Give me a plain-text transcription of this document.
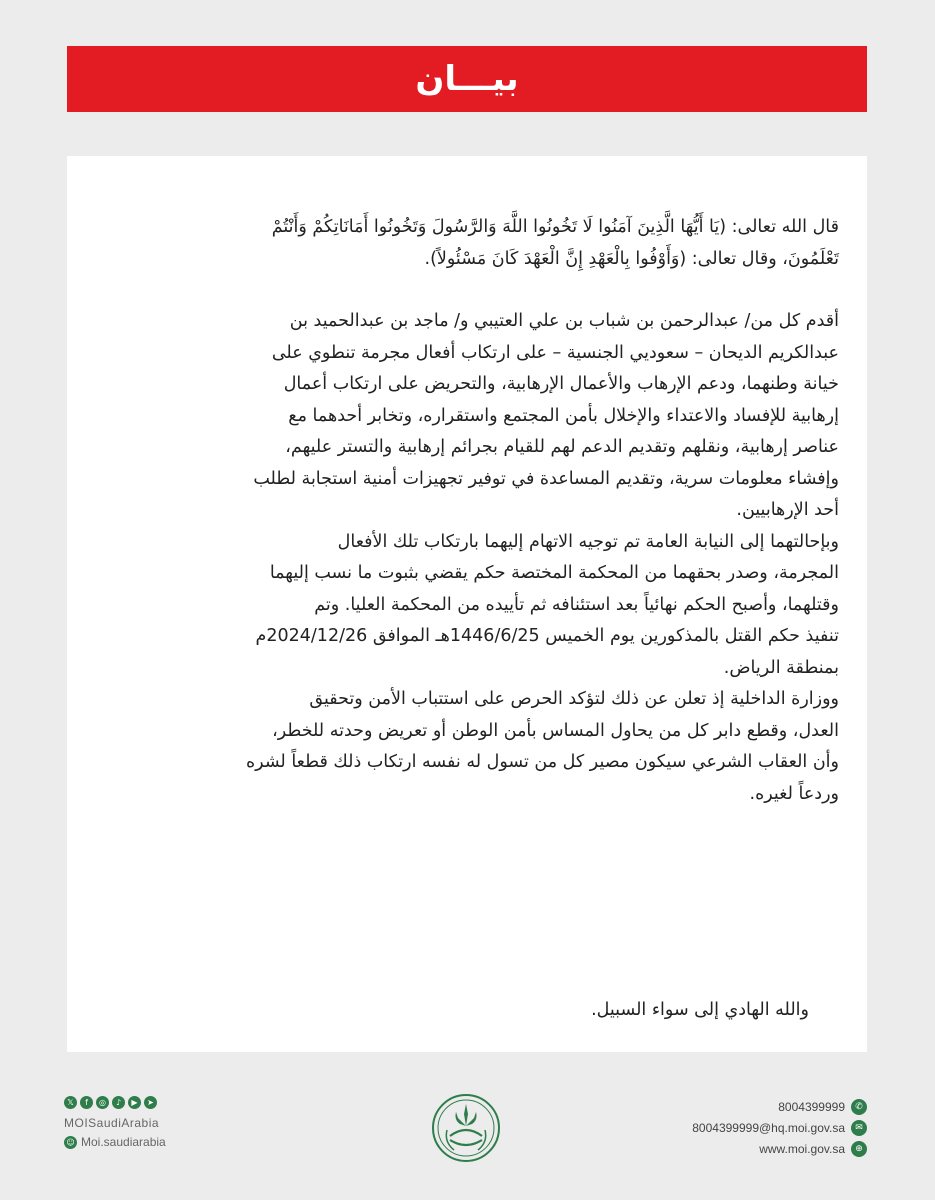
بيـــان
قال الله تعالى: (يَا أَيُّهَا الَّذِينَ آمَنُوا لَا تَخُونُوا اللَّهَ وَالرَّسُولَ وَتَخُونُوا أَمَانَاتِكُمْ وَأَنْتُمْ
تَعْلَمُونَ، وقال تعالى: (وَأَوْفُوا بِالْعَهْدِ إِنَّ الْعَهْدَ كَانَ مَسْئُولاً).
أقدم كل من/ عبدالرحمن بن شباب بن علي العتيبي و/ ماجد بن عبدالحميد بن
عبدالكريم الديحان – سعوديي الجنسية – على ارتكاب أفعال مجرمة تنطوي على
خيانة وطنهما، ودعم الإرهاب والأعمال الإرهابية، والتحريض على ارتكاب أعمال
إرهابية للإفساد والاعتداء والإخلال بأمن المجتمع واستقراره، وتخابر أحدهما مع
عناصر إرهابية، ونقلهم وتقديم الدعم لهم للقيام بجرائم إرهابية والتستر عليهم،
وإفشاء معلومات سرية، وتقديم المساعدة في توفير تجهيزات أمنية استجابة لطلب
أحد الإرهابيين.
وبإحالتهما إلى النيابة العامة تم توجيه الاتهام إليهما بارتكاب تلك الأفعال
المجرمة، وصدر بحقهما من المحكمة المختصة حكم يقضي بثبوت ما نسب إليهما
وقتلهما، وأصبح الحكم نهائياً بعد استئنافه ثم تأييده من المحكمة العليا. وتم
تنفيذ حكم القتل بالمذكورين يوم الخميس 1446/6/25هـ الموافق 2024/12/26م
بمنطقة الرياض.
ووزارة الداخلية إذ تعلن عن ذلك لتؤكد الحرص على استتباب الأمن وتحقيق
العدل، وقطع دابر كل من يحاول المساس بأمن الوطن أو تعريض وحدته للخطر،
وأن العقاب الشرعي سيكون مصير كل من تسول له نفسه ارتكاب ذلك قطعاً لشره
وردعاً لغيره.
والله الهادي إلى سواء السبيل.
𝕏	f	◎	♪	▶	➤
MOISaudiArabia
☺ Moi.saudiarabia
8004399999	✆
8004399999@hq.moi.gov.sa	✉
www.moi.gov.sa	⊕
